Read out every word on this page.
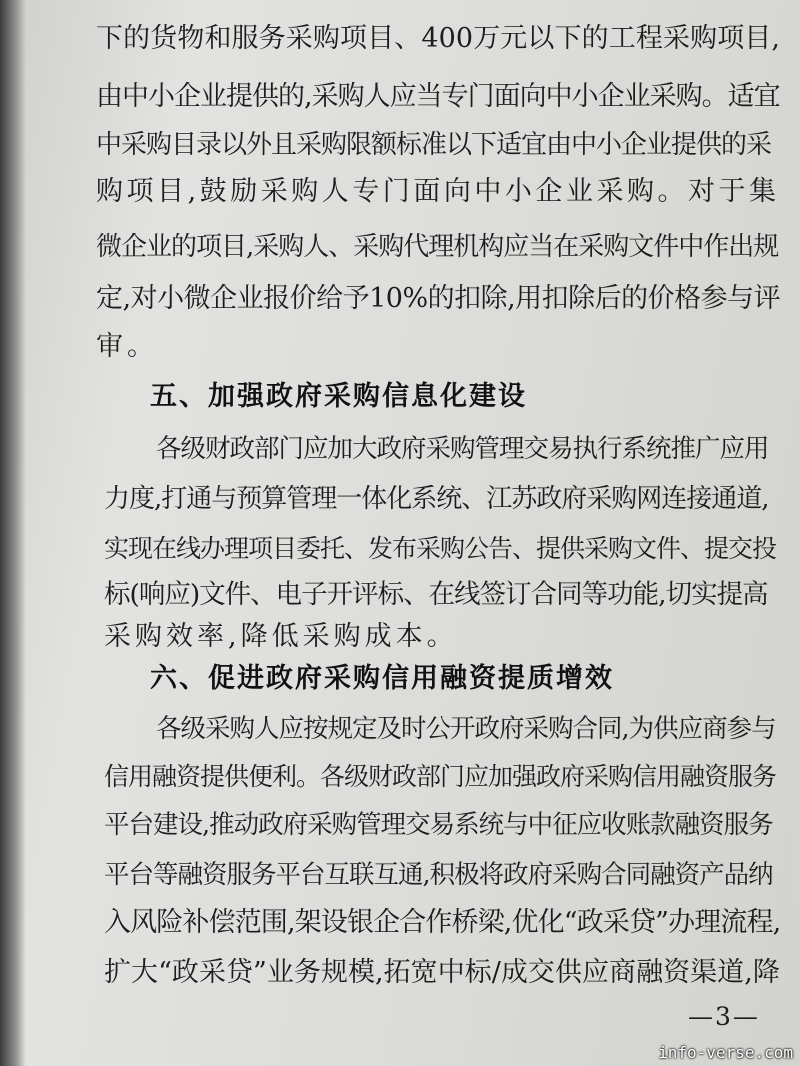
下的货物和服务采购项目、400万元以下的工程采购项目,
由中小企业提供的,采购人应当专门面向中小企业采购。适宜
中采购目录以外且采购限额标准以下适宜由中小企业提供的采
购项目,鼓励采购人专门面向中小企业采购。对于集
微企业的项目,采购人、采购代理机构应当在采购文件中作出规
定,对小微企业报价给予10%的扣除,用扣除后的价格参与评
审。
五、加强政府采购信息化建设
各级财政部门应加大政府采购管理交易执行系统推广应用
力度,打通与预算管理一体化系统、江苏政府采购网连接通道,
实现在线办理项目委托、发布采购公告、提供采购文件、提交投
标(响应)文件、电子开评标、在线签订合同等功能,切实提高
采购效率,降低采购成本。
六、促进政府采购信用融资提质增效
各级采购人应按规定及时公开政府采购合同,为供应商参与
信用融资提供便利。各级财政部门应加强政府采购信用融资服务
平台建设,推动政府采购管理交易系统与中征应收账款融资服务
平台等融资服务平台互联互通,积极将政府采购合同融资产品纳
入风险补偿范围,架设银企合作桥梁,优化“政采贷”办理流程,
扩大“政采贷”业务规模,拓宽中标/成交供应商融资渠道,降
—3—
info-verse.com
